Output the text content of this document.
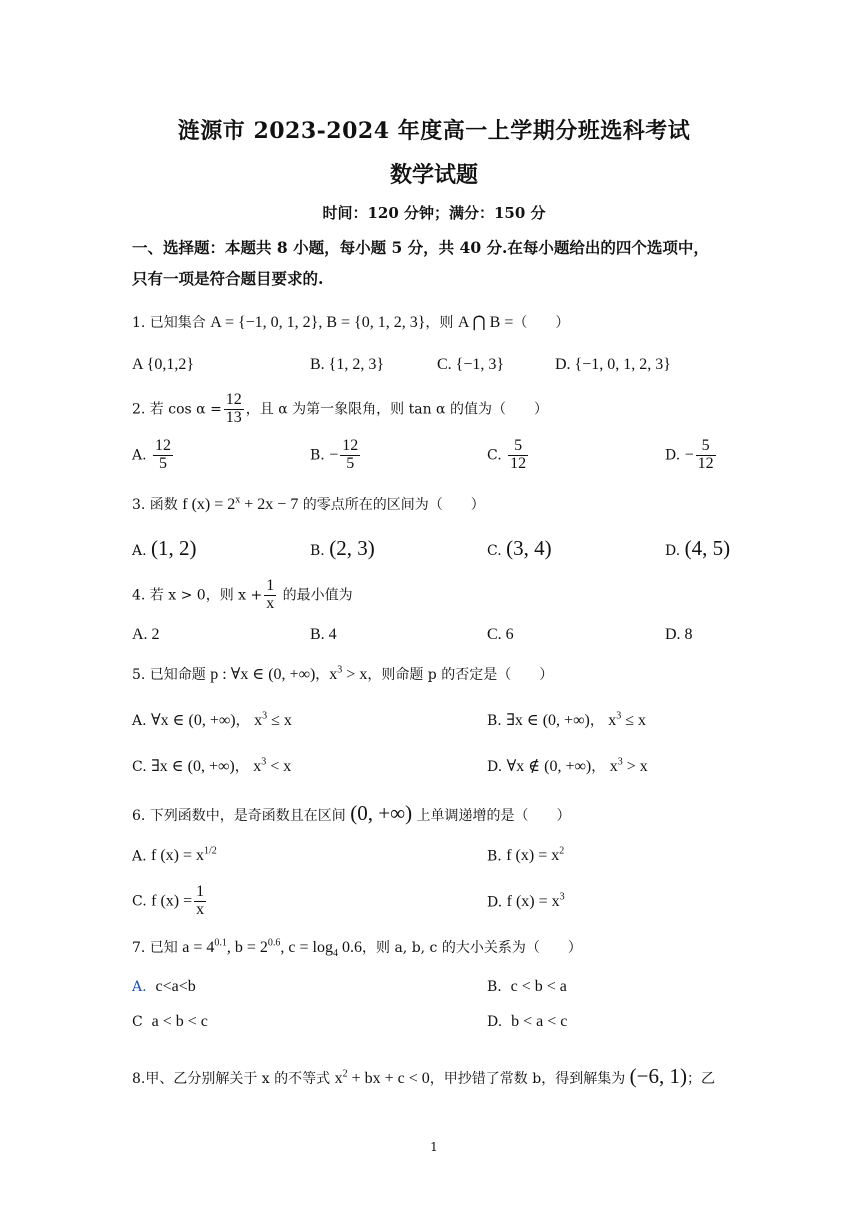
涟源市 2023-2024 年度高一上学期分班选科考试
数学试题
时间：120 分钟；满分：150 分
一、选择题：本题共 8 小题，每小题 5 分，共 40 分.在每小题给出的四个选项中，
只有一项是符合题目要求的.
1. 已知集合 A = {−1, 0, 1, 2}, B = {0, 1, 2, 3}，则 A ⋂ B =（　　）
A {0,1,2}	B. {1, 2, 3}	C. {−1, 3}	D. {−1, 0, 1, 2, 3}
2. 若 $\cos \alpha = \frac{12}{13}$ ，且 α 为第一象限角，则 tan α 的值为（　　）
A. $\frac{12}{5}$	B. − $\frac{12}{5}$	C. $\frac{5}{12}$	D. − $\frac{5}{12}$
3. 函数 f $(x) = 2^x + 2x - 7$ 的零点所在的区间为（　　）
A. (1, 2)	B. (2, 3)	C. (3, 4)	D. (4, 5)
4. 若 x > 0，则 $x + \frac{1}{x}$ 的最小值为
A. 2	B. 4	C. 6	D. 8
5. 已知命题 p : ∀x ∈ (0, +∞)，$x^3 > x$，则命题 p 的否定是（　　）
A. ∀x ∈ (0, +∞)， $x^3 \le x$	B. ∃x ∈ (0, +∞)， $x^3 \le x$
C. ∃x ∈ (0, +∞)， $x^3 < x$	D. ∀x ∉ (0, +∞)， $x^3 > x$
6. 下列函数中，是奇函数且在区间 (0, +∞) 上单调递增的是（　　）
A. f $(x) = x^{1/2}$	B. f $(x) = x^2$
C. f $(x) = \frac{1}{x}$	D. f $(x) = x^3$
7. 已知 $a = 4^{0.1}$, $b = 2^{0.6}$, $c = \log_4 0.6$，则 a, b, c 的大小关系为（　　）
A. c<a<b	B. c < b < a
C a < b < c	D. b < a < c
8.甲、乙分别解关于 x 的不等式 $x^2$ + bx + c < 0，甲抄错了常数 b，得到解集为 (−6, 1)；乙
1
